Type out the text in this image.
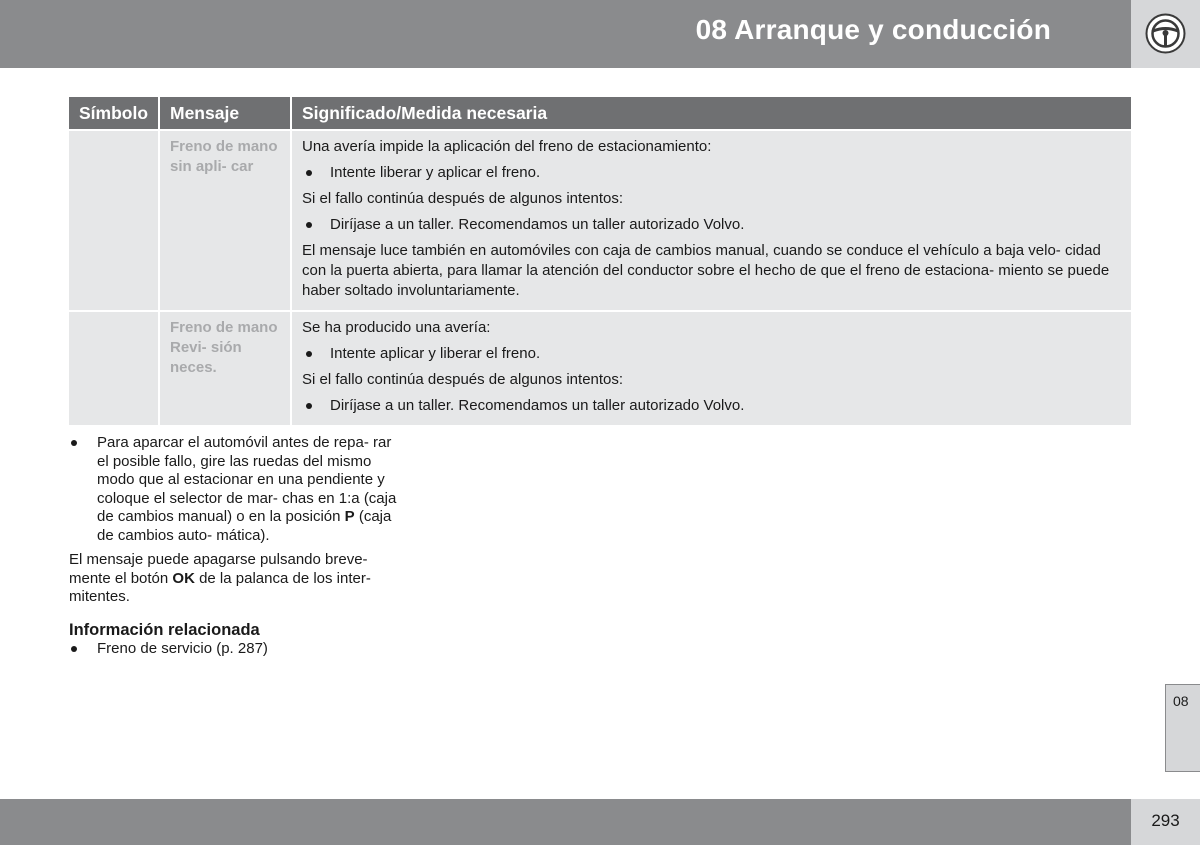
08 Arranque y conducción
Símbolo	Mensaje	Significado/Medida necesaria
	Freno de mano sin apli- car	Una avería impide la aplicación del freno de estacionamiento:

Intente liberar y aplicar el freno.

Si el fallo continúa después de algunos intentos:

Diríjase a un taller. Recomendamos un taller autorizado Volvo.

El mensaje luce también en automóviles con caja de cambios manual, cuando se conduce el vehículo a baja velo- cidad con la puerta abierta, para llamar la atención del conductor sobre el hecho de que el freno de estaciona- miento se puede haber soltado involuntariamente.

	Freno de mano Revi- sión neces.	Se ha producido una avería:

Intente aplicar y liberar el freno.

Si el fallo continúa después de algunos intentos:

Diríjase a un taller. Recomendamos un taller autorizado Volvo.
Para aparcar el automóvil antes de repa- rar el posible fallo, gire las ruedas del mismo modo que al estacionar en una pendiente y coloque el selector de mar- chas en 1:a (caja de cambios manual) o en la posición P (caja de cambios auto- mática).

El mensaje puede apagarse pulsando breve- mente el botón OK de la palanca de los inter- mitentes.

Información relacionada
Freno de servicio (p. 287)
08
293
